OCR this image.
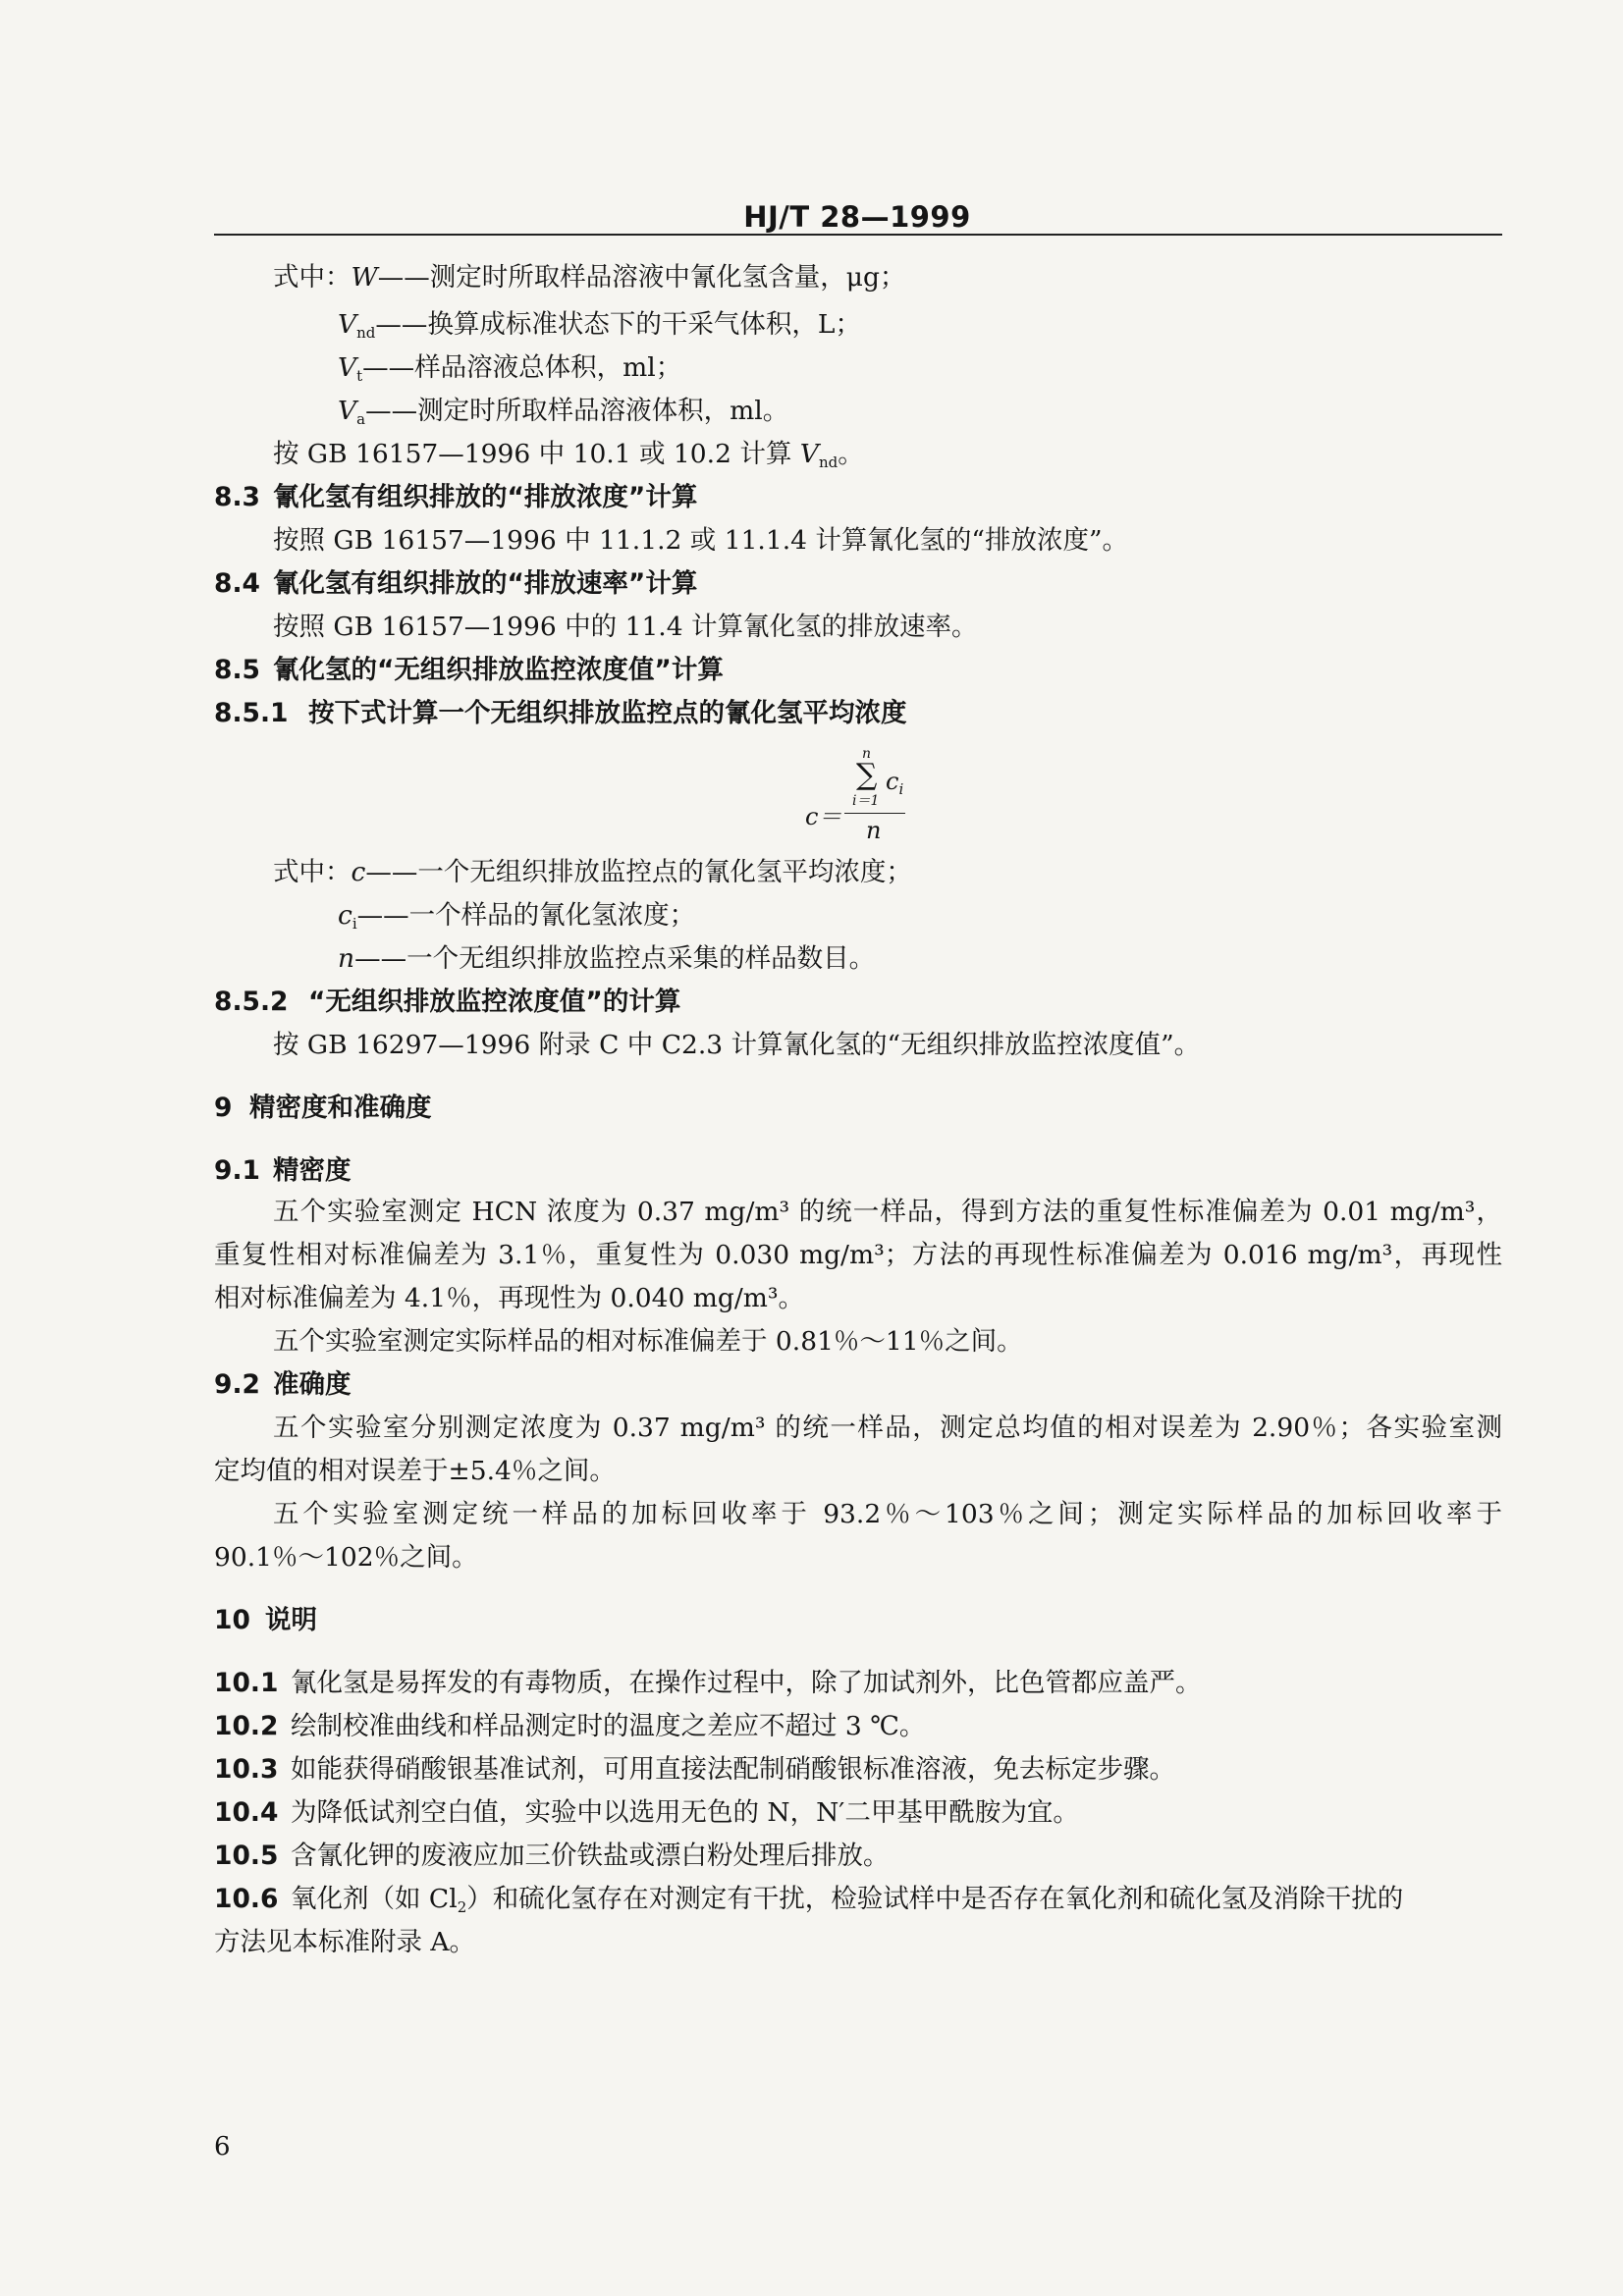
HJ/T 28—1999
式中：W——测定时所取样品溶液中氰化氢含量，μg；
$V_{nd}——$换算成标准状态下的干采气体积，L；
$V_t——$样品溶液总体积，ml；
$V_a——$测定时所取样品溶液体积，ml。
按 GB 16157—1996 中 10.1 或 10.2 计算 $V_{nd}$。
8.3 氰化氢有组织排放的“排放浓度”计算
按照 GB 16157—1996 中 11.1.2 或 11.1.4 计算氰化氢的“排放浓度”。
8.4 氰化氢有组织排放的“排放速率”计算
按照 GB 16157—1996 中的 11.4 计算氰化氢的排放速率。
8.5 氰化氢的“无组织排放监控浓度值”计算
8.5.1 按下式计算一个无组织排放监控点的氰化氢平均浓度
n
∑ $c_i$
i＝1
c＝ n
式中：c——一个无组织排放监控点的氰化氢平均浓度；
$c_i——$一个样品的氰化氢浓度；
n——一个无组织排放监控点采集的样品数目。
8.5.2 “无组织排放监控浓度值”的计算
按 GB 16297—1996 附录 C 中 C2.3 计算氰化氢的“无组织排放监控浓度值”。
9 精密度和准确度
9.1 精密度
五个实验室测定 HCN 浓度为 0.37 mg/m³ 的统一样品，得到方法的重复性标准偏差为 0.01 mg/m³，
重复性相对标准偏差为 3.1％，重复性为 0.030 mg/m³；方法的再现性标准偏差为 0.016 mg/m³，再现性
相对标准偏差为 4.1％，再现性为 0.040 mg/m³。
五个实验室测定实际样品的相对标准偏差于 0.81％～11％之间。
9.2 准确度
五个实验室分别测定浓度为 0.37 mg/m³ 的统一样品，测定总均值的相对误差为 2.90％；各实验室测
定均值的相对误差于±5.4％之间。
五个实验室测定统一样品的加标回收率于 93.2％～103％之间；测定实际样品的加标回收率于
90.1％～102％之间。
10 说明
10.1 氰化氢是易挥发的有毒物质，在操作过程中，除了加试剂外，比色管都应盖严。
10.2 绘制校准曲线和样品测定时的温度之差应不超过 3 ℃。
10.3 如能获得硝酸银基准试剂，可用直接法配制硝酸银标准溶液，免去标定步骤。
10.4 为降低试剂空白值，实验中以选用无色的 N，N′二甲基甲酰胺为宜。
10.5 含氰化钾的废液应加三价铁盐或漂白粉处理后排放。
10.6 氧化剂（如 $Cl_2$）和硫化氢存在对测定有干扰，检验试样中是否存在氧化剂和硫化氢及消除干扰的
方法见本标准附录 A。
6
